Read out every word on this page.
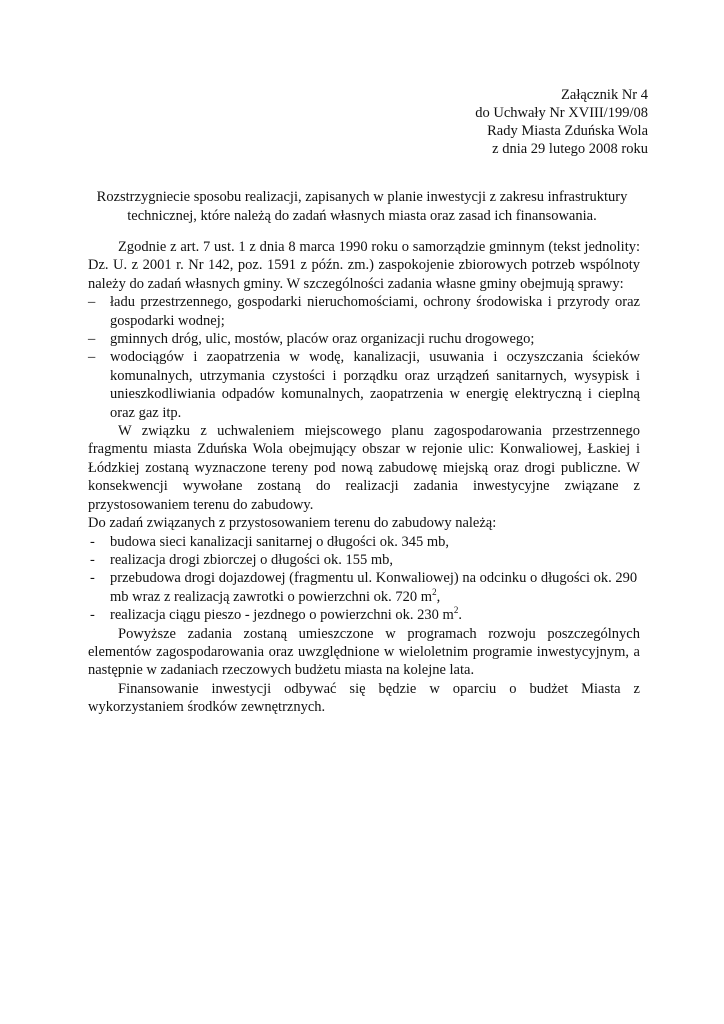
Załącznik Nr 4
do Uchwały Nr XVIII/199/08
Rady Miasta Zduńska Wola
z dnia 29 lutego 2008 roku
Rozstrzygniecie sposobu realizacji, zapisanych w planie inwestycji z zakresu infrastruktury technicznej, które należą do zadań własnych miasta oraz zasad ich finansowania.

Zgodnie z art. 7 ust. 1 z dnia 8 marca 1990 roku o samorządzie gminnym (tekst jednolity: Dz. U. z 2001 r. Nr 142, poz. 1591 z późn. zm.) zaspokojenie zbiorowych potrzeb wspólnoty należy do zadań własnych gminy. W szczególności zadania własne gminy obejmują sprawy:

– ładu przestrzennego, gospodarki nieruchomościami, ochrony środowiska i przyrody oraz gospodarki wodnej;
– gminnych dróg, ulic, mostów, placów oraz organizacji ruchu drogowego;
– wodociągów i zaopatrzenia w wodę, kanalizacji, usuwania i oczyszczania ścieków komunalnych, utrzymania czystości i porządku oraz urządzeń sanitarnych, wysypisk i unieszkodliwiania odpadów komunalnych, zaopatrzenia w energię elektryczną i cieplną oraz gaz itp.

W związku z uchwaleniem miejscowego planu zagospodarowania przestrzennego fragmentu miasta Zduńska Wola obejmujący obszar w rejonie ulic: Konwaliowej, Łaskiej i Łódzkiej zostaną wyznaczone tereny pod nową zabudowę miejską oraz drogi publiczne. W konsekwencji wywołane zostaną do realizacji zadania inwestycyjne związane z przystosowaniem terenu do zabudowy.

Do zadań związanych z przystosowaniem terenu do zabudowy należą:

- budowa sieci kanalizacji sanitarnej o długości ok. 345 mb,
- realizacja drogi zbiorczej o długości ok. 155 mb,
- przebudowa drogi dojazdowej (fragmentu ul. Konwaliowej) na odcinku o długości ok. 290 mb wraz z realizacją zawrotki o powierzchni ok. 720 $m^2$,
- realizacja ciągu pieszo - jezdnego o powierzchni ok. 230 $m^2$.

Powyższe zadania zostaną umieszczone w programach rozwoju poszczególnych elementów zagospodarowania oraz uwzględnione w wieloletnim programie inwestycyjnym, a następnie w zadaniach rzeczowych budżetu miasta na kolejne lata.

Finansowanie inwestycji odbywać się będzie w oparciu o budżet Miasta z wykorzystaniem środków zewnętrznych.
